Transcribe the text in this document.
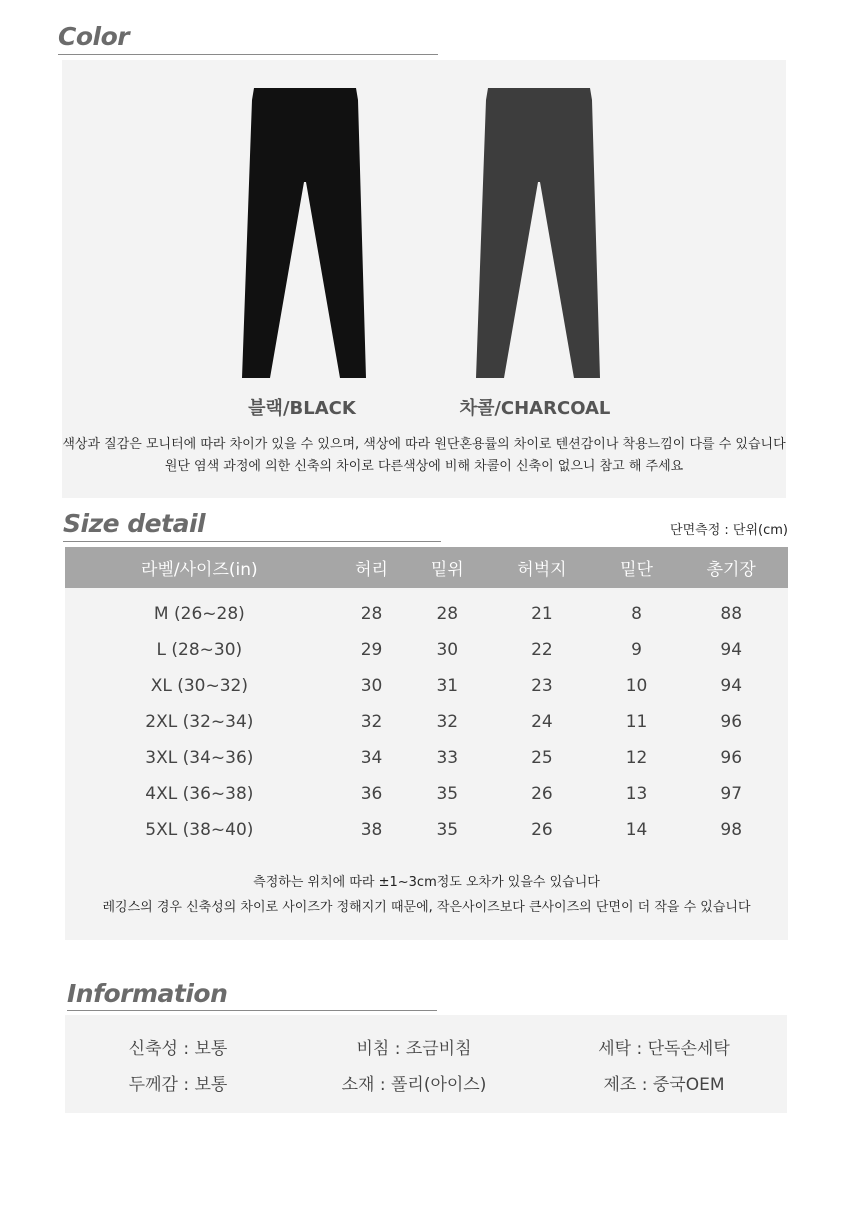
Color
블랙/BLACK	차콜/CHARCOAL
색상과 질감은 모니터에 따라 차이가 있을 수 있으며, 색상에 따라 원단혼용률의 차이로 텐션감이나 착용느낌이 다를 수 있습니다
원단 염색 과정에 의한 신축의 차이로 다른색상에 비해 차콜이 신축이 없으니 참고 해 주세요
Size detail	단면측정 : 단위(cm)
라벨/사이즈(in)	허리	밑위	허벅지	밑단	총기장
M (26~28)	28	28	21	8	88
L (28~30)	29	30	22	9	94
XL (30~32)	30	31	23	10	94
2XL (32~34)	32	32	24	11	96
3XL (34~36)	34	33	25	12	96
4XL (36~38)	36	35	26	13	97
5XL (38~40)	38	35	26	14	98
측정하는 위치에 따라 ±1~3cm정도 오차가 있을수 있습니다
레깅스의 경우 신축성의 차이로 사이즈가 정해지기 때문에, 작은사이즈보다 큰사이즈의 단면이 더 작을 수 있습니다
Information
신축성 : 보통	비침 : 조금비침	세탁 : 단독손세탁
두께감 : 보통	소재 : 폴리(아이스)	제조 : 중국OEM
